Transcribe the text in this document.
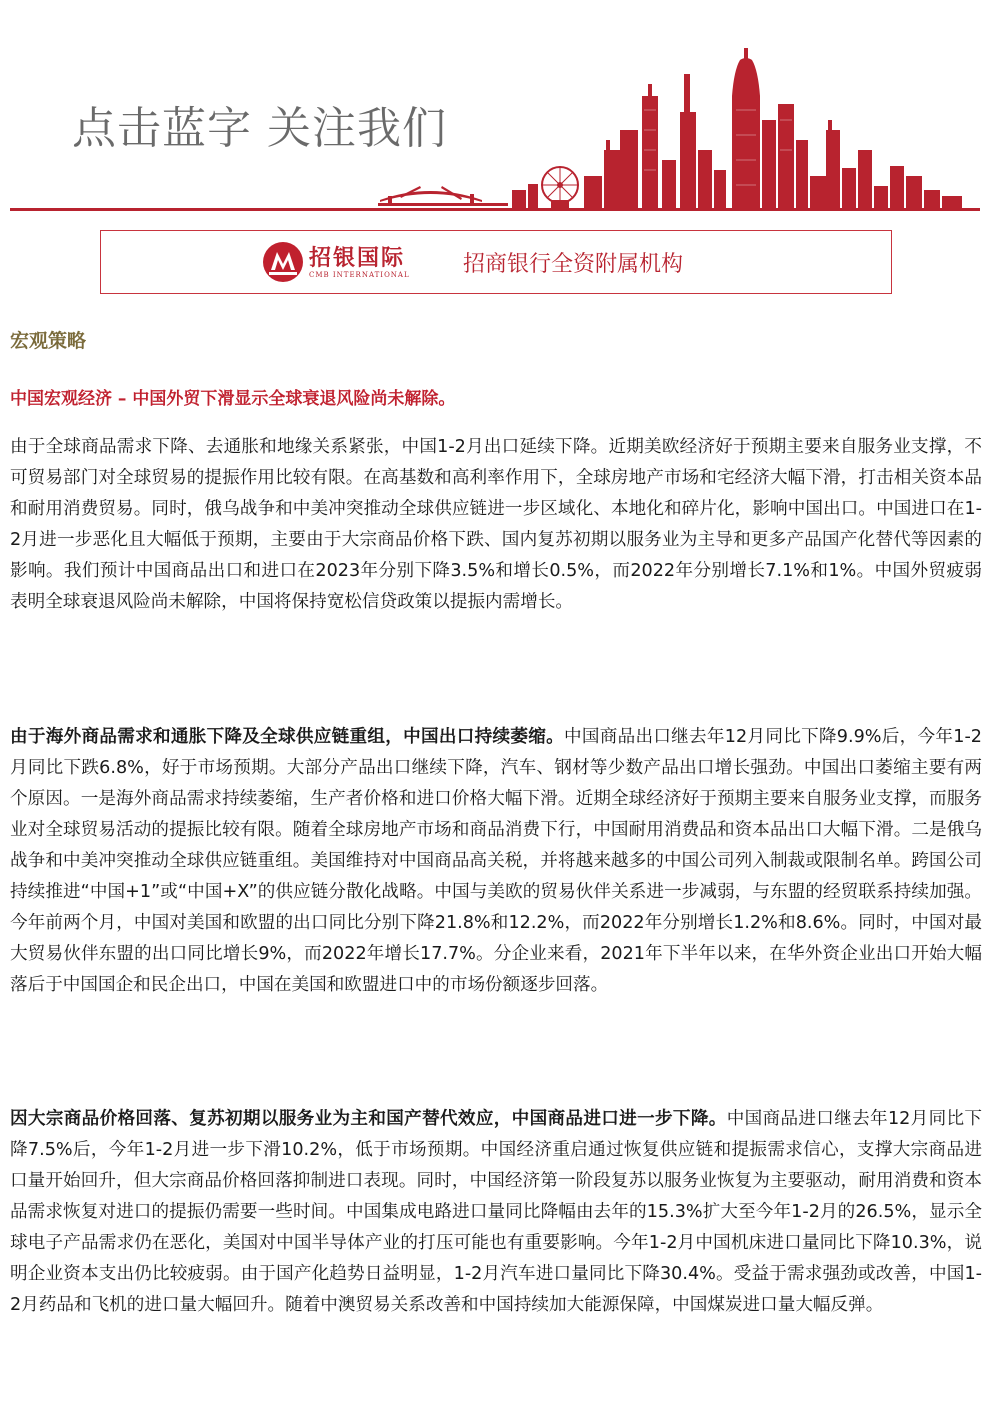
点击蓝字 关注我们
招银国际
CMB INTERNATIONAL 招商银行全资附属机构
宏观策略
中国宏观经济 – 中国外贸下滑显示全球衰退风险尚未解除。

由于全球商品需求下降、去通胀和地缘关系紧张，中国1-2月出口延续下降。近期美欧经济好于预期主要来自服务业支撑，不可贸易部门对全球贸易的提振作用比较有限。在高基数和高利率作用下，全球房地产市场和宅经济大幅下滑，打击相关资本品和耐用消费贸易。同时，俄乌战争和中美冲突推动全球供应链进一步区域化、本地化和碎片化，影响中国出口。中国进口在1-2月进一步恶化且大幅低于预期，主要由于大宗商品价格下跌、国内复苏初期以服务业为主导和更多产品国产化替代等因素的影响。我们预计中国商品出口和进口在2023年分别下降3.5%和增长0.5%，而2022年分别增长7.1%和1%。中国外贸疲弱表明全球衰退风险尚未解除，中国将保持宽松信贷政策以提振内需增长。

由于海外商品需求和通胀下降及全球供应链重组，中国出口持续萎缩。中国商品出口继去年12月同比下降9.9%后，今年1-2月同比下跌6.8%，好于市场预期。大部分产品出口继续下降，汽车、钢材等少数产品出口增长强劲。中国出口萎缩主要有两个原因。一是海外商品需求持续萎缩，生产者价格和进口价格大幅下滑。近期全球经济好于预期主要来自服务业支撑，而服务业对全球贸易活动的提振比较有限。随着全球房地产市场和商品消费下行，中国耐用消费品和资本品出口大幅下滑。二是俄乌战争和中美冲突推动全球供应链重组。美国维持对中国商品高关税，并将越来越多的中国公司列入制裁或限制名单。跨国公司持续推进“中国+1”或“中国+X”的供应链分散化战略。中国与美欧的贸易伙伴关系进一步减弱，与东盟的经贸联系持续加强。今年前两个月，中国对美国和欧盟的出口同比分别下降21.8%和12.2%，而2022年分别增长1.2%和8.6%。同时，中国对最大贸易伙伴东盟的出口同比增长9%，而2022年增长17.7%。分企业来看，2021年下半年以来，在华外资企业出口开始大幅落后于中国国企和民企出口，中国在美国和欧盟进口中的市场份额逐步回落。

因大宗商品价格回落、复苏初期以服务业为主和国产替代效应，中国商品进口进一步下降。中国商品进口继去年12月同比下降7.5%后，今年1-2月进一步下滑10.2%，低于市场预期。中国经济重启通过恢复供应链和提振需求信心，支撑大宗商品进口量开始回升，但大宗商品价格回落抑制进口表现。同时，中国经济第一阶段复苏以服务业恢复为主要驱动，耐用消费和资本品需求恢复对进口的提振仍需要一些时间。中国集成电路进口量同比降幅由去年的15.3%扩大至今年1-2月的26.5%，显示全球电子产品需求仍在恶化，美国对中国半导体产业的打压可能也有重要影响。今年1-2月中国机床进口量同比下降10.3%，说明企业资本支出仍比较疲弱。由于国产化趋势日益明显，1-2月汽车进口量同比下降30.4%。受益于需求强劲或改善，中国1-2月药品和飞机的进口量大幅回升。随着中澳贸易关系改善和中国持续加大能源保障，中国煤炭进口量大幅反弹。
